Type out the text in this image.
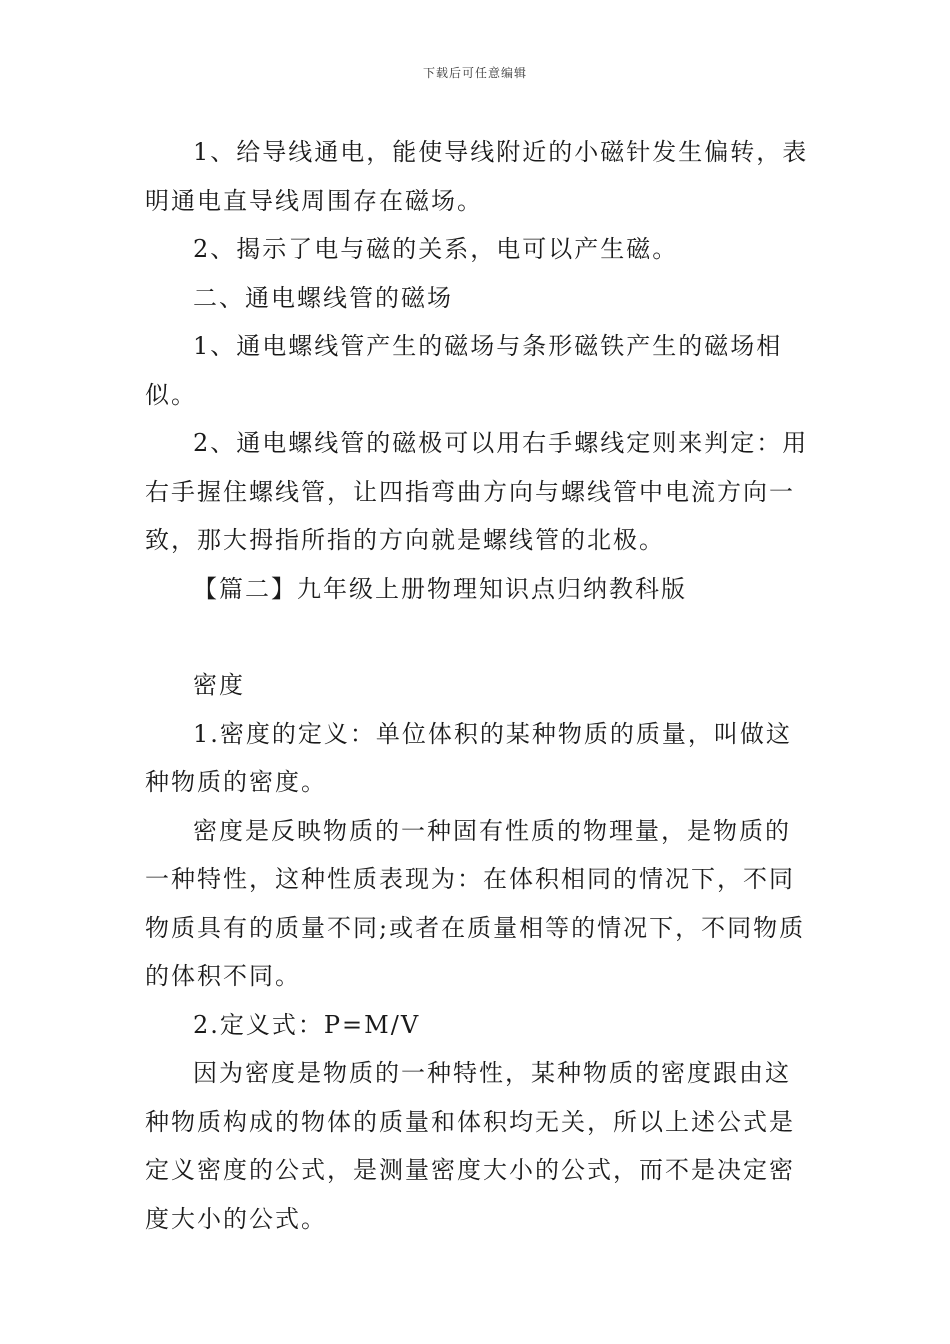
下载后可任意编辑

1、给导线通电，能使导线附近的小磁针发生偏转，表明通电直导线周围存在磁场。

2、揭示了电与磁的关系，电可以产生磁。

二、通电螺线管的磁场

1、通电螺线管产生的磁场与条形磁铁产生的磁场相似。

2、通电螺线管的磁极可以用右手螺线定则来判定：用右手握住螺线管，让四指弯曲方向与螺线管中电流方向一致，那大拇指所指的方向就是螺线管的北极。

【篇二】九年级上册物理知识点归纳教科版

密度

1.密度的定义：单位体积的某种物质的质量，叫做这种物质的密度。

密度是反映物质的一种固有性质的物理量，是物质的一种特性，这种性质表现为：在体积相同的情况下，不同物质具有的质量不同;或者在质量相等的情况下，不同物质的体积不同。

2.定义式：P=M/V

因为密度是物质的一种特性，某种物质的密度跟由这种物质构成的物体的质量和体积均无关，所以上述公式是定义密度的公式，是测量密度大小的公式，而不是决定密度大小的公式。
